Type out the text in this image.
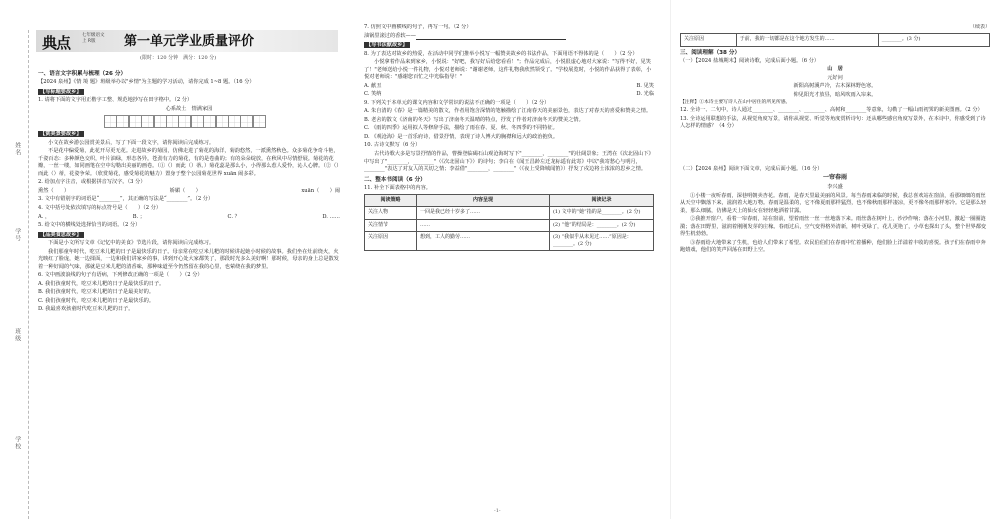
姓名
学号
班级
学校
典点	七年级语文 上 R版	第一单元学业质量评价
(限时：120 分钟　满分：120 分)
一、语言文字积累与梳理（26 分）
【2024 泉州】《情 境 题》班级举办以"乡情"为主题的学习活动，请你完成 1~8 题。（16 分）
【写标题要故乡】
1. 请将下面的文字用正楷字工整、规范地抄写在田字格中。（2 分）
心系故土　情满家园
【赏美景要故乡】

小文在故乡游公园赏美景后，写了下面一段文字，请你阅读后完成练习。

不是花中偏爱菊，此花开尽更无花。走进故乡的菊园，仿佛走进了菊花的海洋，菊韵悠然，一派熏然秋色。众多菊花争奇斗艳，千姿百态：多种颜色交织，叶片油绿，形态各异。苍劲有力的菊花，有的是卷曲的；有的朵朵绽放，在秋风中尽情舒展。菊花的花瓣，一丝一缕，如同画笔在空中勾勒出美丽的画卷。（①（）而此（）蒂。）菊花蕊是那么小，小得那么惹人爱怜，沁人心脾。（②（）而此（）蒂，花姿争荣。（欣赏菊花，感受菊花的魅力）置身于整个公园菊花世界 xuān 闹多彩。

2. 给加点字注音，或根据拼音写汉字。（3 分）
熏然（　　）	娇媚（　　）	xuān（　　）闹
3. 文中有错别字的词语是“________”，其正确的写法是“________”。（2 分）
4. 文中括号处依次填写的标点符号是（　　）（2 分）
A. ，	B. ；	C. ？	D. ……
5. 给文中的横线处选择恰当的词语。（2 分）
【品美食思故乡】

下面是小文所写文章《记忆中的美食》节选片段，请你阅读后完成练习。

我们那童年时代，吃豆米儿粑的日子是最快乐的日子。母亲常在吃豆米儿粑的时候讲起她小时候的故事。我们坐在灶前烧火，火光映红了脸庞，她一边揉面，一边和我们讲家乡的事，讲到开心处大家都笑了，那段时光多么美好啊！那时候，母亲的身上总是散发着一种好闻的气味，那就是豆米儿粑的清香味，那种味道至今仍然留在我的心里，也萦绕在我的梦里。

6. 文中画波浪线的句子有语病，下列修改正确的一项是（　　）（2 分）
A. 我们孩童时代，吃豆米儿粑的日子是最快乐的日子。
B. 我们孩童时代，吃豆米儿粑的日子是最美好的。
C. 我们孩童时代，吃豆米儿粑的日子是最快乐的。
D. 我最喜欢孩童时代吃豆米儿粑的日子。
7. 仿照文中画横线的句子，再写一句。（2 分）
油锅里滚过的香软——　　　　　　　　　　　　　　　　　　　　　　　　　　　　　
【写书法献故乡】
8. 为了表达对故乡的热爱，在活动中同学们推举小悦写一幅赞美故乡的书法作品，下面用语不得体的是（　　）（2 分）

小悦拿着作品来到家乡，小悦说："好吧，我写好后给您看看！"；作品完成后，小悦很虚心地对大家说："写得不好，见笑了！"老师送给小悦一件礼物，小悦对老师说："谢谢老师，这件礼物我欣然领受了。"学校展览时，小悦的作品获得了表彰，小悦对老师说："感谢您百忙之中光临指导！"

A. 献丑	B. 见笑
C. 笑纳	D. 光临
9. 下列关于本单元的课文内容和文学常识的说法不正确的一项是（　　）（2 分）
A. 朱自清的《春》是一篇精美的散文，作者用饱含深情的笔触描绘了江南春天的美丽景色，表达了对春天的喜爱和赞美之情。
B. 老舍的散文《济南的冬天》写出了济南冬天温晴的特点，抒发了作者对济南冬天的赞美之情。
C. 《雨的四季》运用拟人等修辞手法，描绘了雨在春、夏、秋、冬四季的不同特征。
D. 《观沧海》是一首乐府诗，借景抒情，表现了诗人博大的胸襟和远大的政治抱负。
10. 古诗文默写（6 分）

古代诗歌大多是写景抒情的作品，曹操登临碣石山观沧海时写下"________，________"的壮阔景象；王湾在《次北固山下》中写出了"________，________"（《次北固山下》）的诗句；李白在《闻王昌龄左迁龙标遥有此寄》中以"我寄愁心与明月，________"表达了对友人的关切之情；李益借"________，________"（《夜上受降城闻笛》）抒发了戍边将士浓浓的思乡之情。

二、整本书阅读（6 分）
11. 补全下面表格中的内容。
阅读策略	内容呈现	阅读记录
关注人物	一回是我已经十岁多了……	(1) 文中的“她”指的是________。(2 分)
关注情节	……	(2) “他”的结局是：________。(2 分)
关注原因	想到，工人的勤劳……	(3) “我似乎从未见过……”原因是：________。(2 分)
（续表）
关注原因	于前，我的一切都是在这个地方发生的……	________。(3 分)
三、阅读理解（38 分）
（一）【2024 盐城期末】阅读诗歌，完成后面小题。（6 分）
山　居
元好问
新阳高树溪声冷，古木深林野色寒。
仰见阳光才放昼，暗风吹雨入帘来。
【注释】①本诗主要写诗人在山中居住的所见所感。
12. 全诗一、二句中，诗人通过________、________、________、高树和________等意象，勾勒了一幅山雨初霁的新美图画。（2 分）
13. 全诗运用联想的手法，从视觉角度写景，请你从视觉、听觉等角度赏析诗句：还从哪些感官角度写景外，在本诗中，你感受到了诗人怎样的情感？（4 分）
（二）【2024 泉州】阅读下面文章，完成后面小题。（16 分）
一帘春雨
李兴盛

①小楼一夜听春雨，深巷明朝卖杏花。春雨，是春天里最美丽的风景。每当春雨来临的时候，我总喜欢站在窗前，看那细细的雨丝从天空中飘落下来，滋润着大地万物。春雨是温柔的，它不像夏雨那样猛烈，也不像秋雨那样凄凉，更不像冬雨那样寒冷。它是那么轻柔，那么细腻，仿佛是天上的仙女在轻轻地洒着甘露。

②我推开窗户，看着一帘春雨，站在窗前，望着雨丝一丝一丝地落下来。雨丝落在树叶上，沙沙作响；落在小河里，激起一圈圈涟漪；落在田野里，滋润着刚刚发芽的庄稼。春雨过后，空气变得格外清新，树叶更绿了，花儿更艳了，小草也探出了头，整个世界都变得生机勃勃。

③春雨给大地带来了生机，也给人们带来了希望。农民伯伯们在春雨中忙着播种，他们脸上洋溢着丰收的喜悦。孩子们在春雨中奔跑嬉戏，他们的笑声回荡在田野上空。

-1-
